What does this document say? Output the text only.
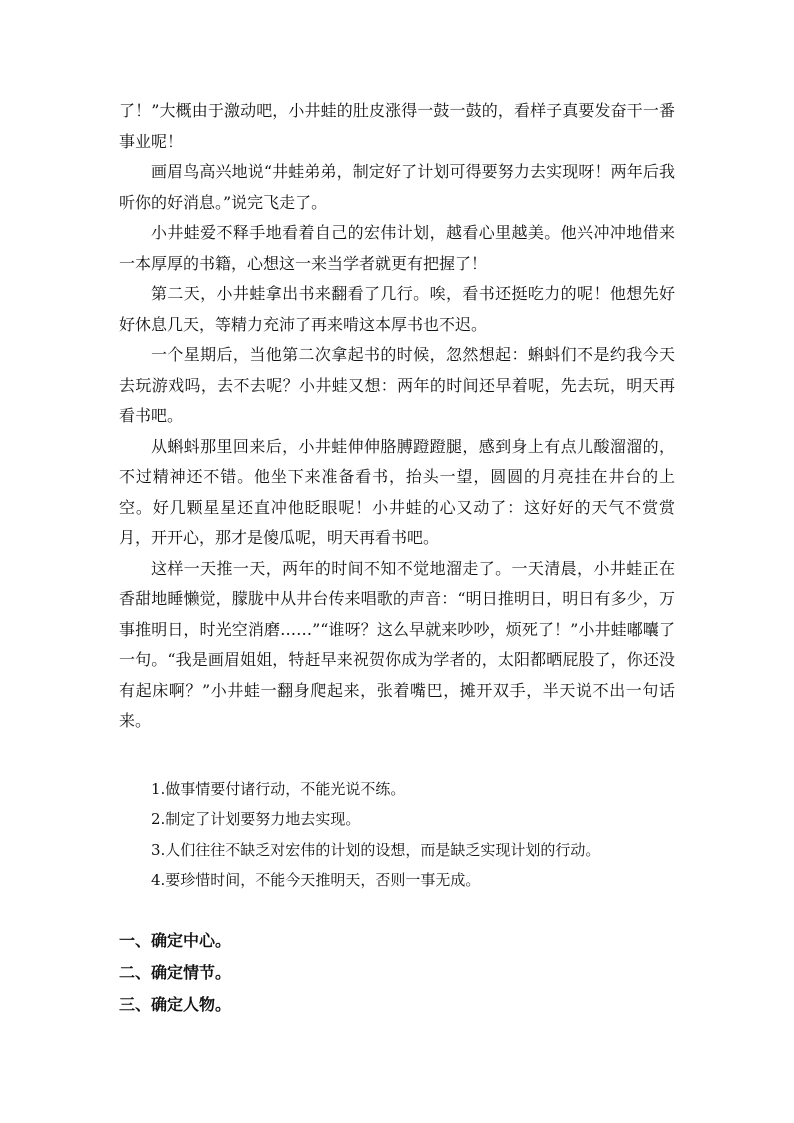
了！”大概由于激动吧，小井蛙的肚皮涨得一鼓一鼓的，看样子真要发奋干一番事业呢！

画眉鸟高兴地说“井蛙弟弟，制定好了计划可得要努力去实现呀！两年后我听你的好消息。”说完飞走了。

小井蛙爱不释手地看着自己的宏伟计划，越看心里越美。他兴冲冲地借来一本厚厚的书籍，心想这一来当学者就更有把握了！

第二天，小井蛙拿出书来翻看了几行。唉，看书还挺吃力的呢！他想先好好休息几天，等精力充沛了再来啃这本厚书也不迟。

一个星期后，当他第二次拿起书的时候，忽然想起：蝌蚪们不是约我今天去玩游戏吗，去不去呢？小井蛙又想：两年的时间还早着呢，先去玩，明天再看书吧。

从蝌蚪那里回来后，小井蛙伸伸胳膊蹬蹬腿，感到身上有点儿酸溜溜的，不过精神还不错。他坐下来准备看书，抬头一望，圆圆的月亮挂在井台的上空。好几颗星星还直冲他眨眼呢！小井蛙的心又动了：这好好的天气不赏赏月，开开心，那才是傻瓜呢，明天再看书吧。

这样一天推一天，两年的时间不知不觉地溜走了。一天清晨，小井蛙正在香甜地睡懒觉，朦胧中从井台传来唱歌的声音：“明日推明日，明日有多少，万事推明日，时光空消磨……”“谁呀？这么早就来吵吵，烦死了！”小井蛙嘟囔了一句。“我是画眉姐姐，特赶早来祝贺你成为学者的，太阳都晒屁股了，你还没有起床啊？”小井蛙一翻身爬起来，张着嘴巴，摊开双手，半天说不出一句话来。

1.做事情要付诸行动，不能光说不练。
2.制定了计划要努力地去实现。
3.人们往往不缺乏对宏伟的计划的设想，而是缺乏实现计划的行动。
4.要珍惜时间，不能今天推明天，否则一事无成。
一、确定中心。
二、确定情节。
三、确定人物。
